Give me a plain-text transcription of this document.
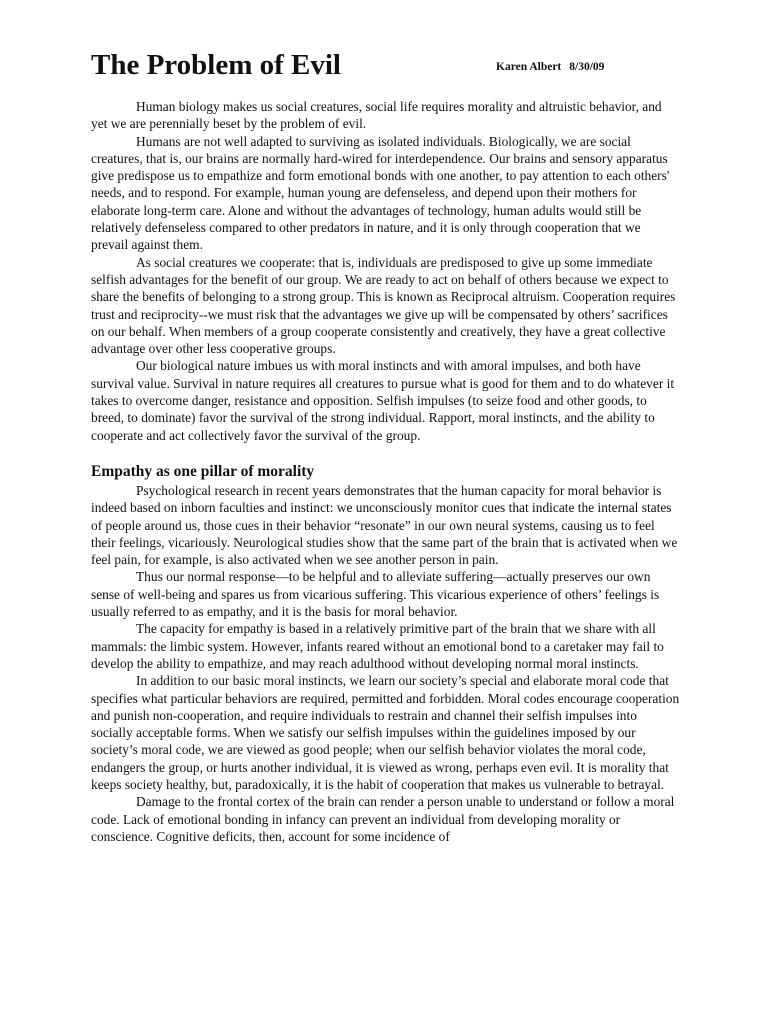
The Problem of Evil	Karen Albert 8/30/09

Human biology makes us social creatures, social life requires morality and altruistic behavior, and yet we are perennially beset by the problem of evil.

Humans are not well adapted to surviving as isolated individuals. Biologically, we are social creatures, that is, our brains are normally hard-wired for interdependence. Our brains and sensory apparatus give predispose us to empathize and form emotional bonds with one another, to pay attention to each others' needs, and to respond. For example, human young are defenseless, and depend upon their mothers for elaborate long-term care. Alone and without the advantages of technology, human adults would still be relatively defenseless compared to other predators in nature, and it is only through cooperation that we prevail against them.

As social creatures we cooperate: that is, individuals are predisposed to give up some immediate selfish advantages for the benefit of our group. We are ready to act on behalf of others because we expect to share the benefits of belonging to a strong group. This is known as Reciprocal altruism. Cooperation requires trust and reciprocity--we must risk that the advantages we give up will be compensated by others’ sacrifices on our behalf. When members of a group cooperate consistently and creatively, they have a great collective advantage over other less cooperative groups.

Our biological nature imbues us with moral instincts and with amoral impulses, and both have survival value. Survival in nature requires all creatures to pursue what is good for them and to do whatever it takes to overcome danger, resistance and opposition. Selfish impulses (to seize food and other goods, to breed, to dominate) favor the survival of the strong individual. Rapport, moral instincts, and the ability to cooperate and act collectively favor the survival of the group.

Empathy as one pillar of morality

Psychological research in recent years demonstrates that the human capacity for moral behavior is indeed based on inborn faculties and instinct: we unconsciously monitor cues that indicate the internal states of people around us, those cues in their behavior “resonate” in our own neural systems, causing us to feel their feelings, vicariously. Neurological studies show that the same part of the brain that is activated when we feel pain, for example, is also activated when we see another person in pain.

Thus our normal response—to be helpful and to alleviate suffering—actually preserves our own sense of well-being and spares us from vicarious suffering. This vicarious experience of others’ feelings is usually referred to as empathy, and it is the basis for moral behavior.

The capacity for empathy is based in a relatively primitive part of the brain that we share with all mammals: the limbic system. However, infants reared without an emotional bond to a caretaker may fail to develop the ability to empathize, and may reach adulthood without developing normal moral instincts.

In addition to our basic moral instincts, we learn our society’s special and elaborate moral code that specifies what particular behaviors are required, permitted and forbidden. Moral codes encourage cooperation and punish non-cooperation, and require individuals to restrain and channel their selfish impulses into socially acceptable forms. When we satisfy our selfish impulses within the guidelines imposed by our society’s moral code, we are viewed as good people; when our selfish behavior violates the moral code, endangers the group, or hurts another individual, it is viewed as wrong, perhaps even evil. It is morality that keeps society healthy, but, paradoxically, it is the habit of cooperation that makes us vulnerable to betrayal.

Damage to the frontal cortex of the brain can render a person unable to understand or follow a moral code. Lack of emotional bonding in infancy can prevent an individual from developing morality or conscience. Cognitive deficits, then, account for some incidence of
